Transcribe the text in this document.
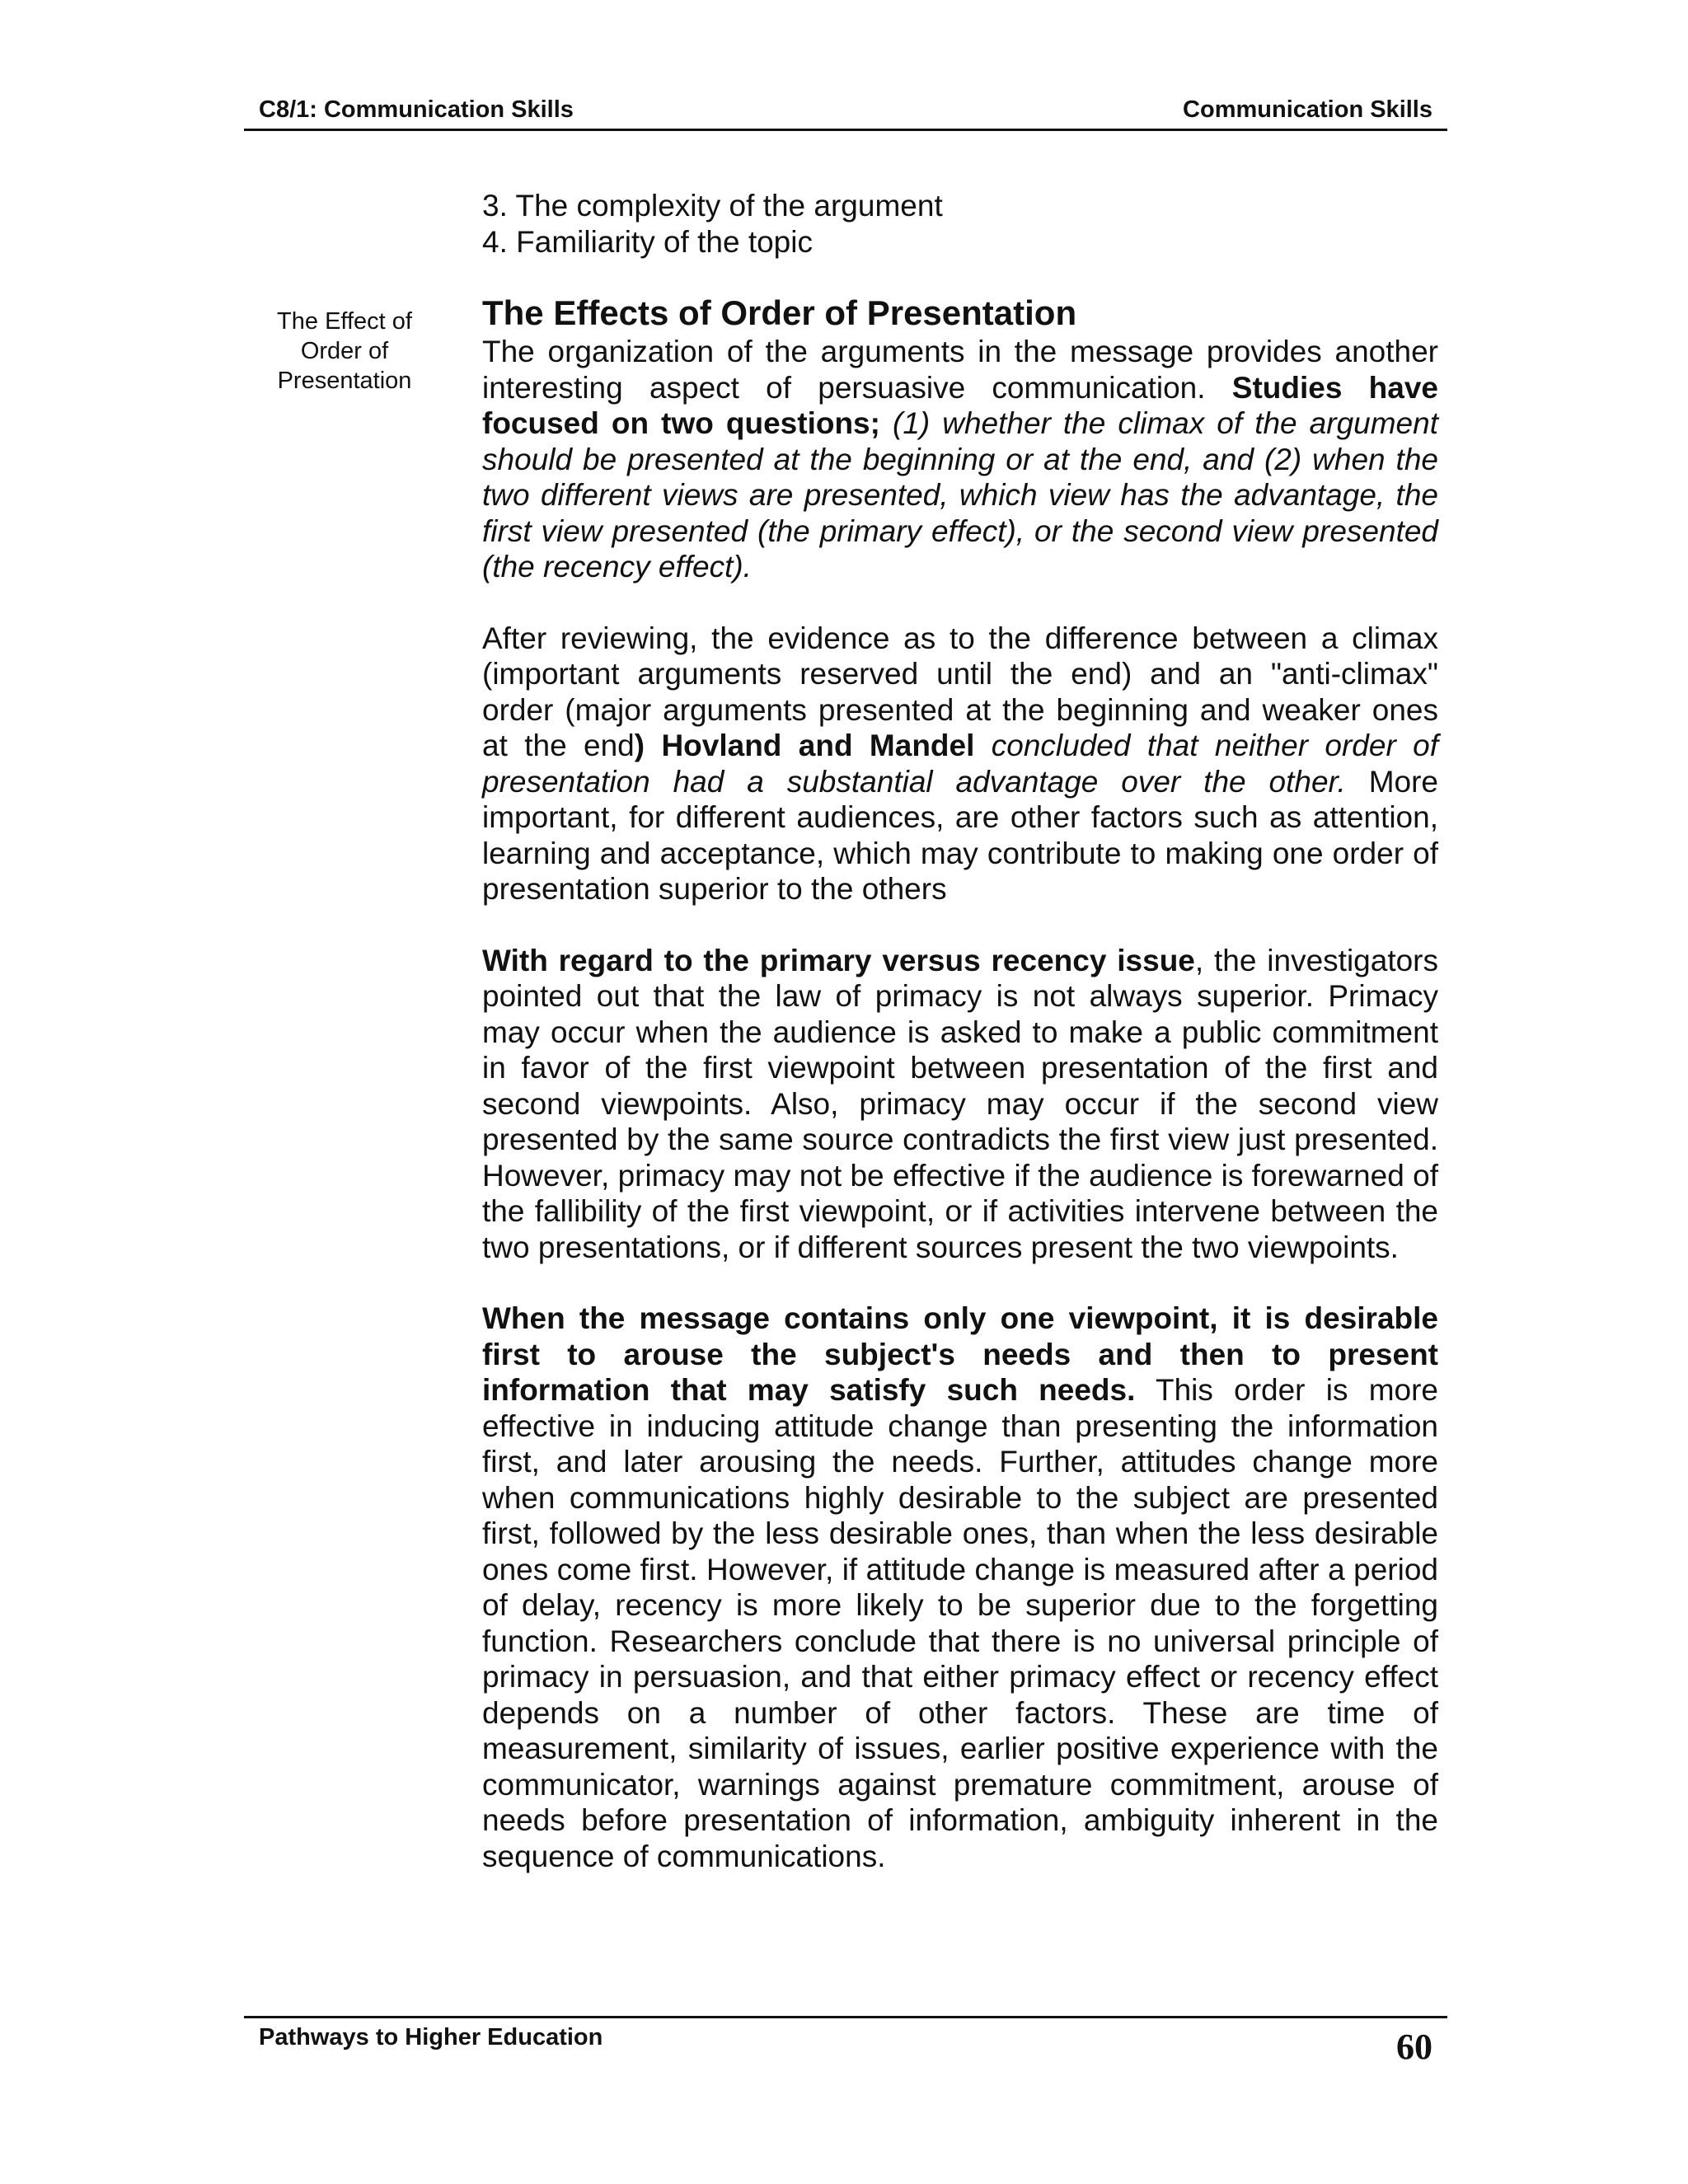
C8/1: Communication Skills	Communication Skills
The Effect of Order of Presentation

3. The complexity of the argument

4. Familiarity of the topic

The Effects of Order of Presentation

The organization of the arguments in the message provides another interesting aspect of persuasive communication. Studies have focused on two questions; (1) whether the climax of the argument should be presented at the beginning or at the end, and (2) when the two different views are presented, which view has the advantage, the first view presented (the primary effect), or the second view presented (the recency effect).

After reviewing, the evidence as to the difference between a climax (important arguments reserved until the end) and an "anti-climax" order (major arguments presented at the beginning and weaker ones at the end) Hovland and Mandel concluded that neither order of presentation had a substantial advantage over the other. More important, for different audiences, are other factors such as attention, learning and acceptance, which may contribute to making one order of presentation superior to the others

With regard to the primary versus recency issue, the investigators pointed out that the law of primacy is not always superior. Primacy may occur when the audience is asked to make a public commitment in favor of the first viewpoint between presentation of the first and second viewpoints. Also, primacy may occur if the second view presented by the same source contradicts the first view just presented. However, primacy may not be effective if the audience is forewarned of the fallibility of the first viewpoint, or if activities intervene between the two presentations, or if different sources present the two viewpoints.

When the message contains only one viewpoint, it is desirable first to arouse the subject's needs and then to present information that may satisfy such needs. This order is more effective in inducing attitude change than presenting the information first, and later arousing the needs. Further, attitudes change more when communications highly desirable to the subject are presented first, followed by the less desirable ones, than when the less desirable ones come first. However, if attitude change is measured after a period of delay, recency is more likely to be superior due to the forgetting function. Researchers conclude that there is no universal principle of primacy in persuasion, and that either primacy effect or recency effect depends on a number of other factors. These are time of measurement, similarity of issues, earlier positive experience with the communicator, warnings against premature commitment, arouse of needs before presentation of information, ambiguity inherent in the sequence of communications.

Pathways to Higher Education	60
